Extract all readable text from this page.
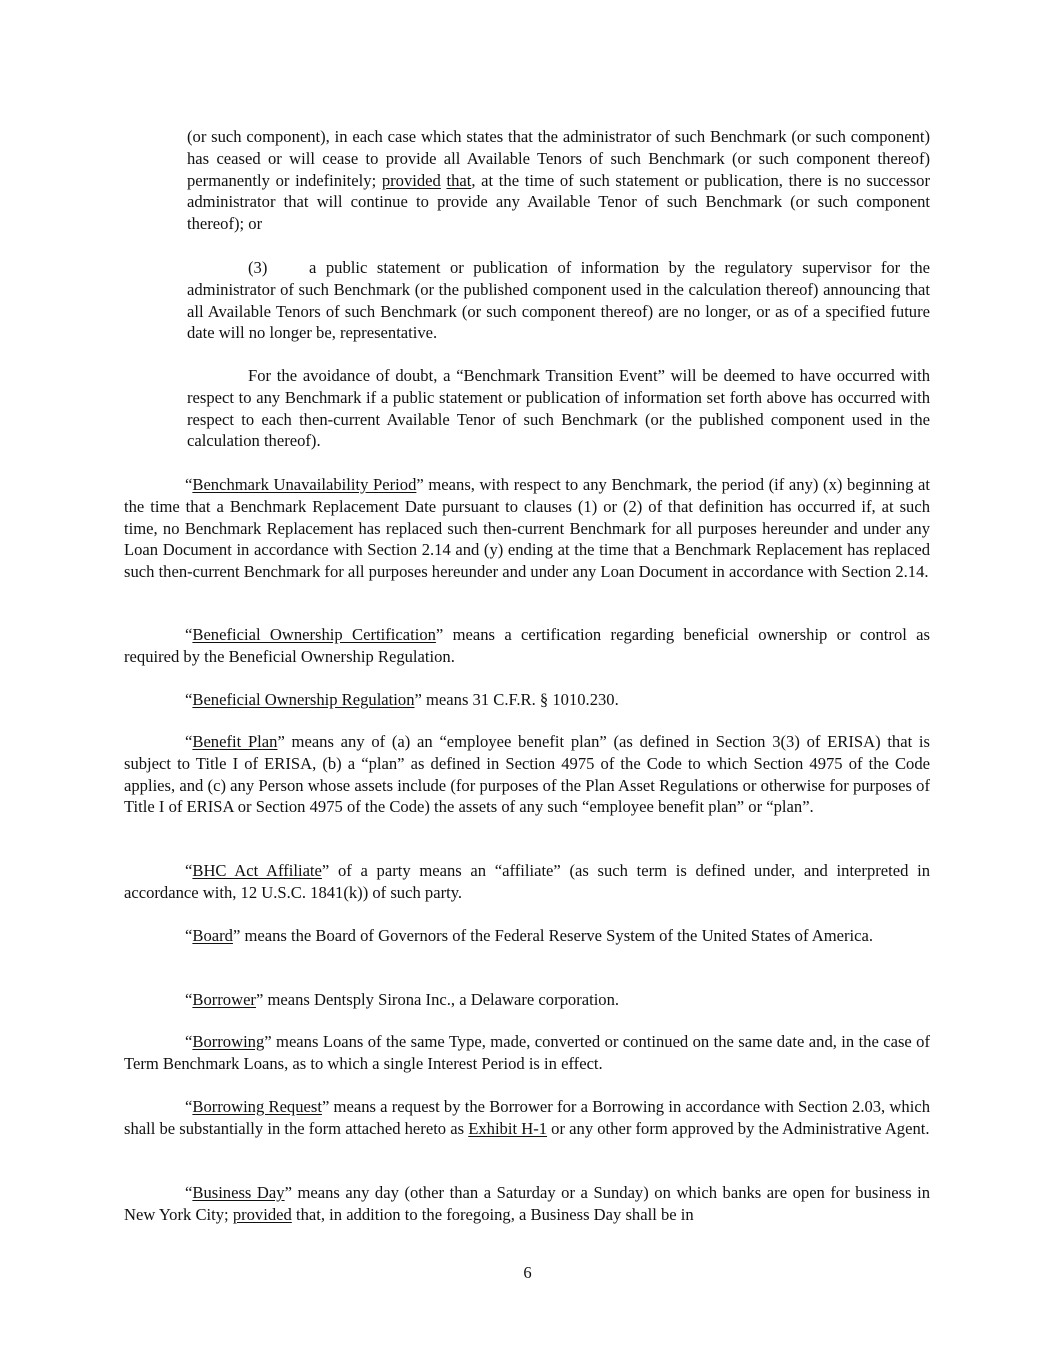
(or such component), in each case which states that the administrator of such Benchmark (or such component) has ceased or will cease to provide all Available Tenors of such Benchmark (or such component thereof) permanently or indefinitely; provided that, at the time of such statement or publication, there is no successor administrator that will continue to provide any Available Tenor of such Benchmark (or such component thereof); or

(3)	a public statement or publication of information by the regulatory supervisor for the administrator of such Benchmark (or the published component used in the calculation thereof) announcing that all Available Tenors of such Benchmark (or such component thereof) are no longer, or as of a specified future date will no longer be, representative.

For the avoidance of doubt, a “Benchmark Transition Event” will be deemed to have occurred with respect to any Benchmark if a public statement or publication of information set forth above has occurred with respect to each then-current Available Tenor of such Benchmark (or the published component used in the calculation thereof).

“Benchmark Unavailability Period” means, with respect to any Benchmark, the period (if any) (x) beginning at the time that a Benchmark Replacement Date pursuant to clauses (1) or (2) of that definition has occurred if, at such time, no Benchmark Replacement has replaced such then-current Benchmark for all purposes hereunder and under any Loan Document in accordance with Section 2.14 and (y) ending at the time that a Benchmark Replacement has replaced such then-current Benchmark for all purposes hereunder and under any Loan Document in accordance with Section 2.14.

“Beneficial Ownership Certification” means a certification regarding beneficial ownership or control as required by the Beneficial Ownership Regulation.

“Beneficial Ownership Regulation” means 31 C.F.R. § 1010.230.

“Benefit Plan” means any of (a) an “employee benefit plan” (as defined in Section 3(3) of ERISA) that is subject to Title I of ERISA, (b) a “plan” as defined in Section 4975 of the Code to which Section 4975 of the Code applies, and (c) any Person whose assets include (for purposes of the Plan Asset Regulations or otherwise for purposes of Title I of ERISA or Section 4975 of the Code) the assets of any such “employee benefit plan” or “plan”.

“BHC Act Affiliate” of a party means an “affiliate” (as such term is defined under, and interpreted in accordance with, 12 U.S.C. 1841(k)) of such party.

“Board” means the Board of Governors of the Federal Reserve System of the United States of America.

“Borrower” means Dentsply Sirona Inc., a Delaware corporation.

“Borrowing” means Loans of the same Type, made, converted or continued on the same date and, in the case of Term Benchmark Loans, as to which a single Interest Period is in effect.

“Borrowing Request” means a request by the Borrower for a Borrowing in accordance with Section 2.03, which shall be substantially in the form attached hereto as Exhibit H-1 or any other form approved by the Administrative Agent.

“Business Day” means any day (other than a Saturday or a Sunday) on which banks are open for business in New York City; provided that, in addition to the foregoing, a Business Day shall be in

6
